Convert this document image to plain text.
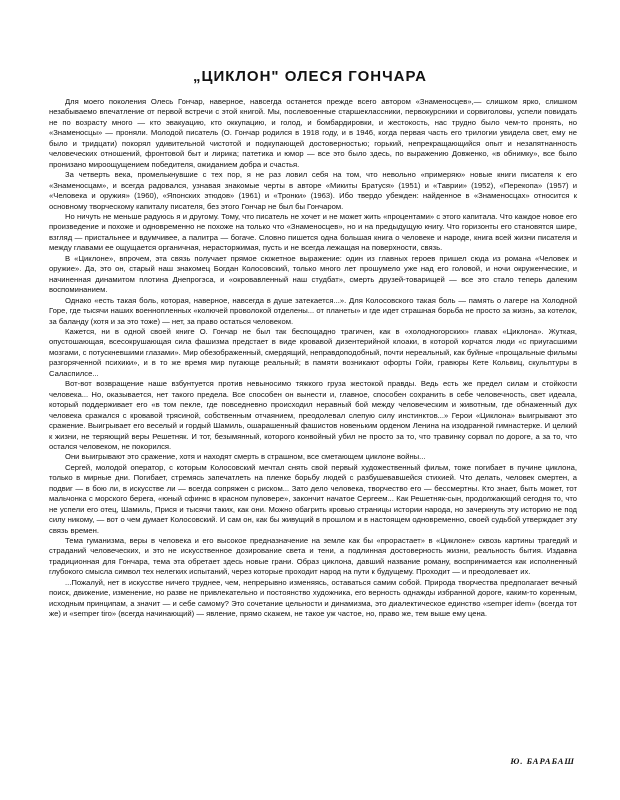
„ЦИКЛОН" ОЛЕСЯ ГОНЧАРА

Для моего поколения Олесь Гончар, наверное, навсегда останется прежде всего автором «Знаменосцев»,— слишком ярко, слишком незабываемо впечатление от первой встречи с этой книгой. Мы, послевоенные старшеклассники, первокурсники и сорвиголовы, успели повидать не по возрасту много — кто эвакуацию, кто оккупацию, и голод, и бомбардировки, и жестокость, нас трудно было чем-то пронять, но «Знаменосцы» — проняли. Молодой писатель (О. Гончар родился в 1918 году, и в 1946, когда первая часть его трилогии увидела свет, ему не было и тридцати) покорял удивительной чистотой и подкупающей достоверностью; горький, непрекращающийся опыт и незапятнанность человеческих отношений, фронтовой быт и лирика; патетика и юмор — все это было здесь, по выражению Довженко, «в обнимку», все было пронизано мироощущением победителя, ожиданием добра и счастья.

За четверть века, промелькнувшие с тех пор, я не раз ловил себя на том, что невольно «примеряю» новые книги писателя к его «Знаменосцам», и всегда радовался, узнавая знакомые черты в авторе «Микиты Братуся» (1951) и «Таврии» (1952), «Перекопа» (1957) и «Человека и оружия» (1960), «Японских этюдов» (1961) и «Тронки» (1963). Ибо твердо убежден: найденное в «Знаменосцах» относится к основному творческому капиталу писателя, без этого Гончар не был бы Гончаром.

Но ничуть не меньше радуюсь я и другому. Тому, что писатель не хочет и не может жить «процентами» с этого капитала. Что каждое новое его произведение и похоже и одновременно не похоже на только что «Знаменосцев», но и на предыдущую книгу. Что горизонты его становятся шире, взгляд — пристальнее и вдумчивее, а палитра — богаче. Словно пишется одна большая книга о человеке и народе, книга всей жизни писателя и между главами ее ощущается органичная, нерасторжимая, пусть и не всегда лежащая на поверхности, связь.

В «Циклоне», впрочем, эта связь получает прямое сюжетное выражение: один из главных героев пришел сюда из романа «Человек и оружие». Да, это он, старый наш знакомец Богдан Колосовский, только много лет прошумело уже над его головой, и ночи окруженческие, и начиненная динамитом плотина Днепрогэса, и «окровавленный наш студбат», смерть друзей-товарищей — все это стало теперь далеким воспоминанием.

Однако «есть такая боль, которая, наверное, навсегда в душе затекается...». Для Колосовского такая боль — память о лагере на Холодной Горе, где тысячи наших военнопленных «колючей проволокой отделены... от планеты» и где идет страшная борьба не просто за жизнь, за котелок, за баланду (хотя и за это тоже) — нет, за право остаться человеком.

Кажется, ни в одной своей книге О. Гончар не был так беспощадно трагичен, как в «холодногорских» главах «Циклона». Жуткая, опустошающая, всесокрушающая сила фашизма предстает в виде кровавой дизентерийной клоаки, в которой корчатся люди «с приугасшими мозгами, с потускневшими глазами». Мир обезображенный, смердящий, неправдоподобный, почти нереальный, как буйные «прощальные фильмы разгоряченной психики», и в то же время мир пугающе реальный; в памяти возникают офорты Гойи, гравюры Кете Кольвиц, скульптуры в Саласпилсе...

Вот-вот возвращение наше взбунтуется против невыносимо тяжкого груза жестокой правды. Ведь есть же предел силам и стойкости человека... Но, оказывается, нет такого предела. Все способен он вынести и, главное, способен сохранить в себе человечность, свет идеала, который поддерживает его «в том пекле, где повседневно происходил неравный бой между человеческим и животным, где обнаженный дух человека сражался с кровавой трясиной, собственным отчаянием, преодолевал слепую силу инстинктов...» Герои «Циклона» выигрывают это сражение. Выигрывает его веселый и гордый Шамиль, ошарашенный фашистов новеньким орденом Ленина на изодранной гимнастерке. И целкий к жизни, не теряющий веры Решетняк. И тот, безымянный, которого конвойный убил не просто за то, что травинку сорвал по дороге, а за то, что остался человеком, не покорился.

Они выигрывают это сражение, хотя и находят смерть в страшном, все сметающем циклоне войны...

Сергей, молодой оператор, с которым Колосовский мечтал снять свой первый художественный фильм, тоже погибает в пучине циклона, только в мирные дни. Погибает, стремясь запечатлеть на пленке борьбу людей с разбушевавшейся стихией. Что делать, человек смертен, а подвиг — в бою ли, в искусстве ли — всегда сопряжен с риском... Зато дело человека, творчество его — бессмертны. Кто знает, быть может, тот мальчонка с морского берега, «юный сфинкс в красном пуловере», закончит начатое Сергеем... Как Решетняк-сын, продолжающий сегодня то, что не успели его отец, Шамиль, Прися и тысячи таких, как они. Можно обагрить кровью страницы истории народа, но зачеркнуть эту историю не под силу никому, — вот о чем думает Колосовский. И сам он, как бы живущий в прошлом и в настоящем одновременно, своей судьбой утверждает эту связь времен.

Тема гуманизма, веры в человека и его высокое предназначение на земле как бы «прорастает» в «Циклоне» сквозь картины трагедий и страданий человеческих, и это не искусственное дозирование света и тени, а подлинная достоверность жизни, реальность бытия. Издавна традиционная для Гончара, тема эта обретает здесь новые грани. Образ циклона, давший название роману, воспринимается как исполненный глубокого смысла символ тех нелегких испытаний, через которые проходит народ на пути к будущему. Проходит — и преодолевает их.

...Пожалуй, нет в искусстве ничего труднее, чем, непрерывно изменяясь, оставаться самим собой. Природа творчества предполагает вечный поиск, движение, изменение, но разве не привлекательно и постоянство художника, его верность однажды избранной дороге, каким-то коренным, исходным принципам, а значит — и себе самому? Это сочетание цельности и динамизма, это диалектическое единство «semper idem» (всегда тот же) и «semper tiro» (всегда начинающий) — явление, прямо скажем, не такое уж частое, но, право же, тем выше ему цена.

Ю. БАРАБАШ
